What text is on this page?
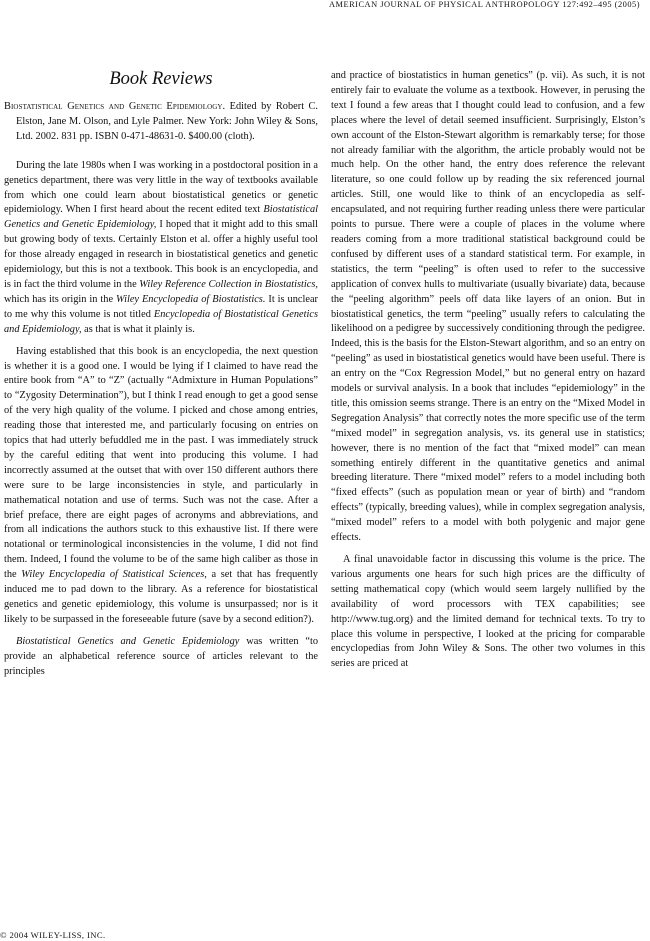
AMERICAN JOURNAL OF PHYSICAL ANTHROPOLOGY 127:492–495 (2005)
Book Reviews

Biostatistical Genetics and Genetic Epidemiology. Edited by Robert C. Elston, Jane M. Olson, and Lyle Palmer. New York: John Wiley & Sons, Ltd. 2002. 831 pp. ISBN 0-471-48631-0. $400.00 (cloth).

During the late 1980s when I was working in a postdoctoral position in a genetics department, there was very little in the way of textbooks available from which one could learn about biostatistical genetics or genetic epidemiology. When I first heard about the recent edited text Biostatistical Genetics and Genetic Epidemiology, I hoped that it might add to this small but growing body of texts. Certainly Elston et al. offer a highly useful tool for those already engaged in research in biostatistical genetics and genetic epidemiology, but this is not a textbook. This book is an encyclopedia, and is in fact the third volume in the Wiley Reference Collection in Biostatistics, which has its origin in the Wiley Encyclopedia of Biostatistics. It is unclear to me why this volume is not titled Encyclopedia of Biostatistical Genetics and Epidemiology, as that is what it plainly is.

Having established that this book is an encyclopedia, the next question is whether it is a good one. I would be lying if I claimed to have read the entire book from “A” to “Z” (actually “Admixture in Human Populations” to “Zygosity Determination”), but I think I read enough to get a good sense of the very high quality of the volume. I picked and chose among entries, reading those that interested me, and particularly focusing on entries on topics that had utterly befuddled me in the past. I was immediately struck by the careful editing that went into producing this volume. I had incorrectly assumed at the outset that with over 150 different authors there were sure to be large inconsistencies in style, and particularly in mathematical notation and use of terms. Such was not the case. After a brief preface, there are eight pages of acronyms and abbreviations, and from all indications the authors stuck to this exhaustive list. If there were notational or terminological inconsistencies in the volume, I did not find them. Indeed, I found the volume to be of the same high caliber as those in the Wiley Encyclopedia of Statistical Sciences, a set that has frequently induced me to pad down to the library. As a reference for biostatistical genetics and genetic epidemiology, this volume is unsurpassed; nor is it likely to be surpassed in the foreseeable future (save by a second edition?).

Biostatistical Genetics and Genetic Epidemiology was written “to provide an alphabetical reference source of articles relevant to the principles

and practice of biostatistics in human genetics” (p. vii). As such, it is not entirely fair to evaluate the volume as a textbook. However, in perusing the text I found a few areas that I thought could lead to confusion, and a few places where the level of detail seemed insufficient. Surprisingly, Elston’s own account of the Elston-Stewart algorithm is remarkably terse; for those not already familiar with the algorithm, the article probably would not be much help. On the other hand, the entry does reference the relevant literature, so one could follow up by reading the six referenced journal articles. Still, one would like to think of an encyclopedia as self-encapsulated, and not requiring further reading unless there were particular points to pursue. There were a couple of places in the volume where readers coming from a more traditional statistical background could be confused by different uses of a standard statistical term. For example, in statistics, the term “peeling” is often used to refer to the successive application of convex hulls to multivariate (usually bivariate) data, because the “peeling algorithm” peels off data like layers of an onion. But in biostatistical genetics, the term “peeling” usually refers to calculating the likelihood on a pedigree by successively conditioning through the pedigree. Indeed, this is the basis for the Elston-Stewart algorithm, and so an entry on “peeling” as used in biostatistical genetics would have been useful. There is an entry on the “Cox Regression Model,” but no general entry on hazard models or survival analysis. In a book that includes “epidemiology” in the title, this omission seems strange. There is an entry on the “Mixed Model in Segregation Analysis” that correctly notes the more specific use of the term “mixed model” in segregation analysis, vs. its general use in statistics; however, there is no mention of the fact that “mixed model” can mean something entirely different in the quantitative genetics and animal breeding literature. There “mixed model” refers to a model including both “fixed effects” (such as population mean or year of birth) and “random effects” (typically, breeding values), while in complex segregation analysis, “mixed model” refers to a model with both polygenic and major gene effects.

A final unavoidable factor in discussing this volume is the price. The various arguments one hears for such high prices are the difficulty of setting mathematical copy (which would seem largely nullified by the availability of word processors with TEX capabilities; see http://www.tug.org) and the limited demand for technical texts. To try to place this volume in perspective, I looked at the pricing for comparable encyclopedias from John Wiley & Sons. The other two volumes in this series are priced at

© 2004 WILEY-LISS, INC.
